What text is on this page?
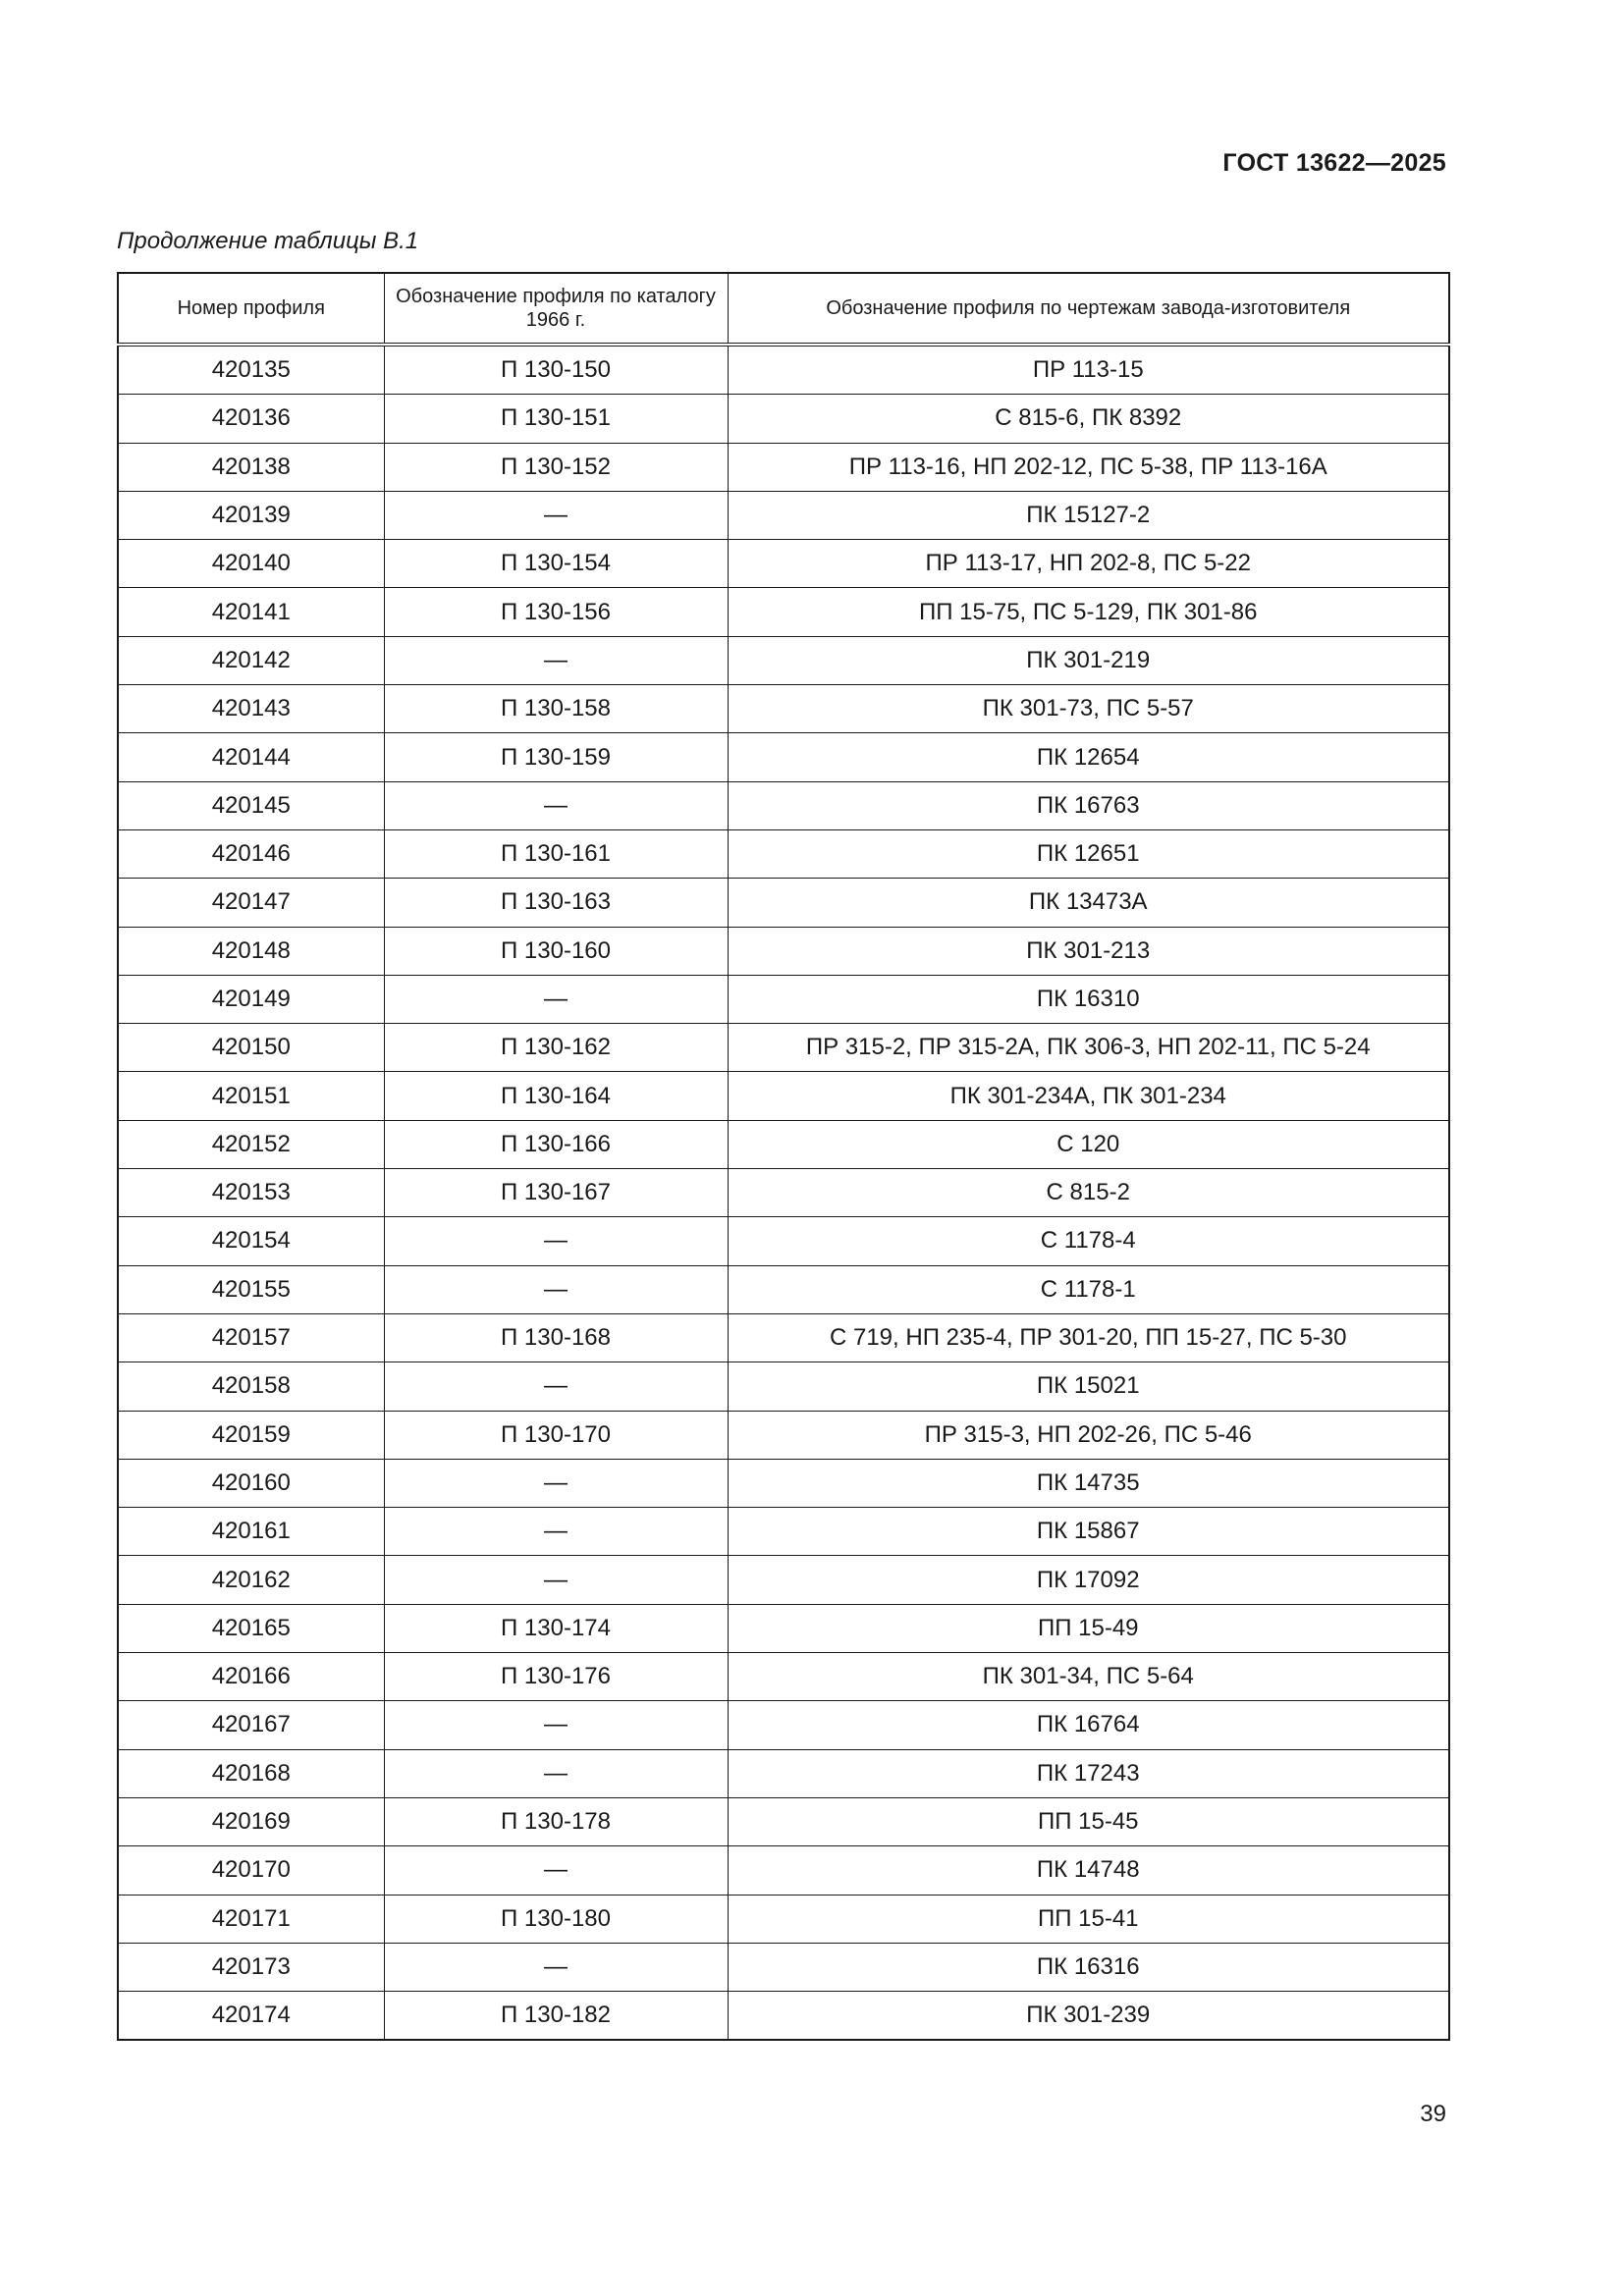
ГОСТ 13622—2025
Продолжение таблицы В.1
Номер профиля	Обозначение профиля по каталогу 1966 г.	Обозначение профиля по чертежам завода-изготовителя
420135	П 130-150	ПР 113-15
420136	П 130-151	С 815-6, ПК 8392
420138	П 130-152	ПР 113-16, НП 202-12, ПС 5-38, ПР 113-16А
420139	—	ПК 15127-2
420140	П 130-154	ПР 113-17, НП 202-8, ПС 5-22
420141	П 130-156	ПП 15-75, ПС 5-129, ПК 301-86
420142	—	ПК 301-219
420143	П 130-158	ПК 301-73, ПС 5-57
420144	П 130-159	ПК 12654
420145	—	ПК 16763
420146	П 130-161	ПК 12651
420147	П 130-163	ПК 13473А
420148	П 130-160	ПК 301-213
420149	—	ПК 16310
420150	П 130-162	ПР 315-2, ПР 315-2А, ПК 306-3, НП 202-11, ПС 5-24
420151	П 130-164	ПК 301-234А, ПК 301-234
420152	П 130-166	С 120
420153	П 130-167	С 815-2
420154	—	С 1178-4
420155	—	С 1178-1
420157	П 130-168	С 719, НП 235-4, ПР 301-20, ПП 15-27, ПС 5-30
420158	—	ПК 15021
420159	П 130-170	ПР 315-3, НП 202-26, ПС 5-46
420160	—	ПК 14735
420161	—	ПК 15867
420162	—	ПК 17092
420165	П 130-174	ПП 15-49
420166	П 130-176	ПК 301-34, ПС 5-64
420167	—	ПК 16764
420168	—	ПК 17243
420169	П 130-178	ПП 15-45
420170	—	ПК 14748
420171	П 130-180	ПП 15-41
420173	—	ПК 16316
420174	П 130-182	ПК 301-239
39
